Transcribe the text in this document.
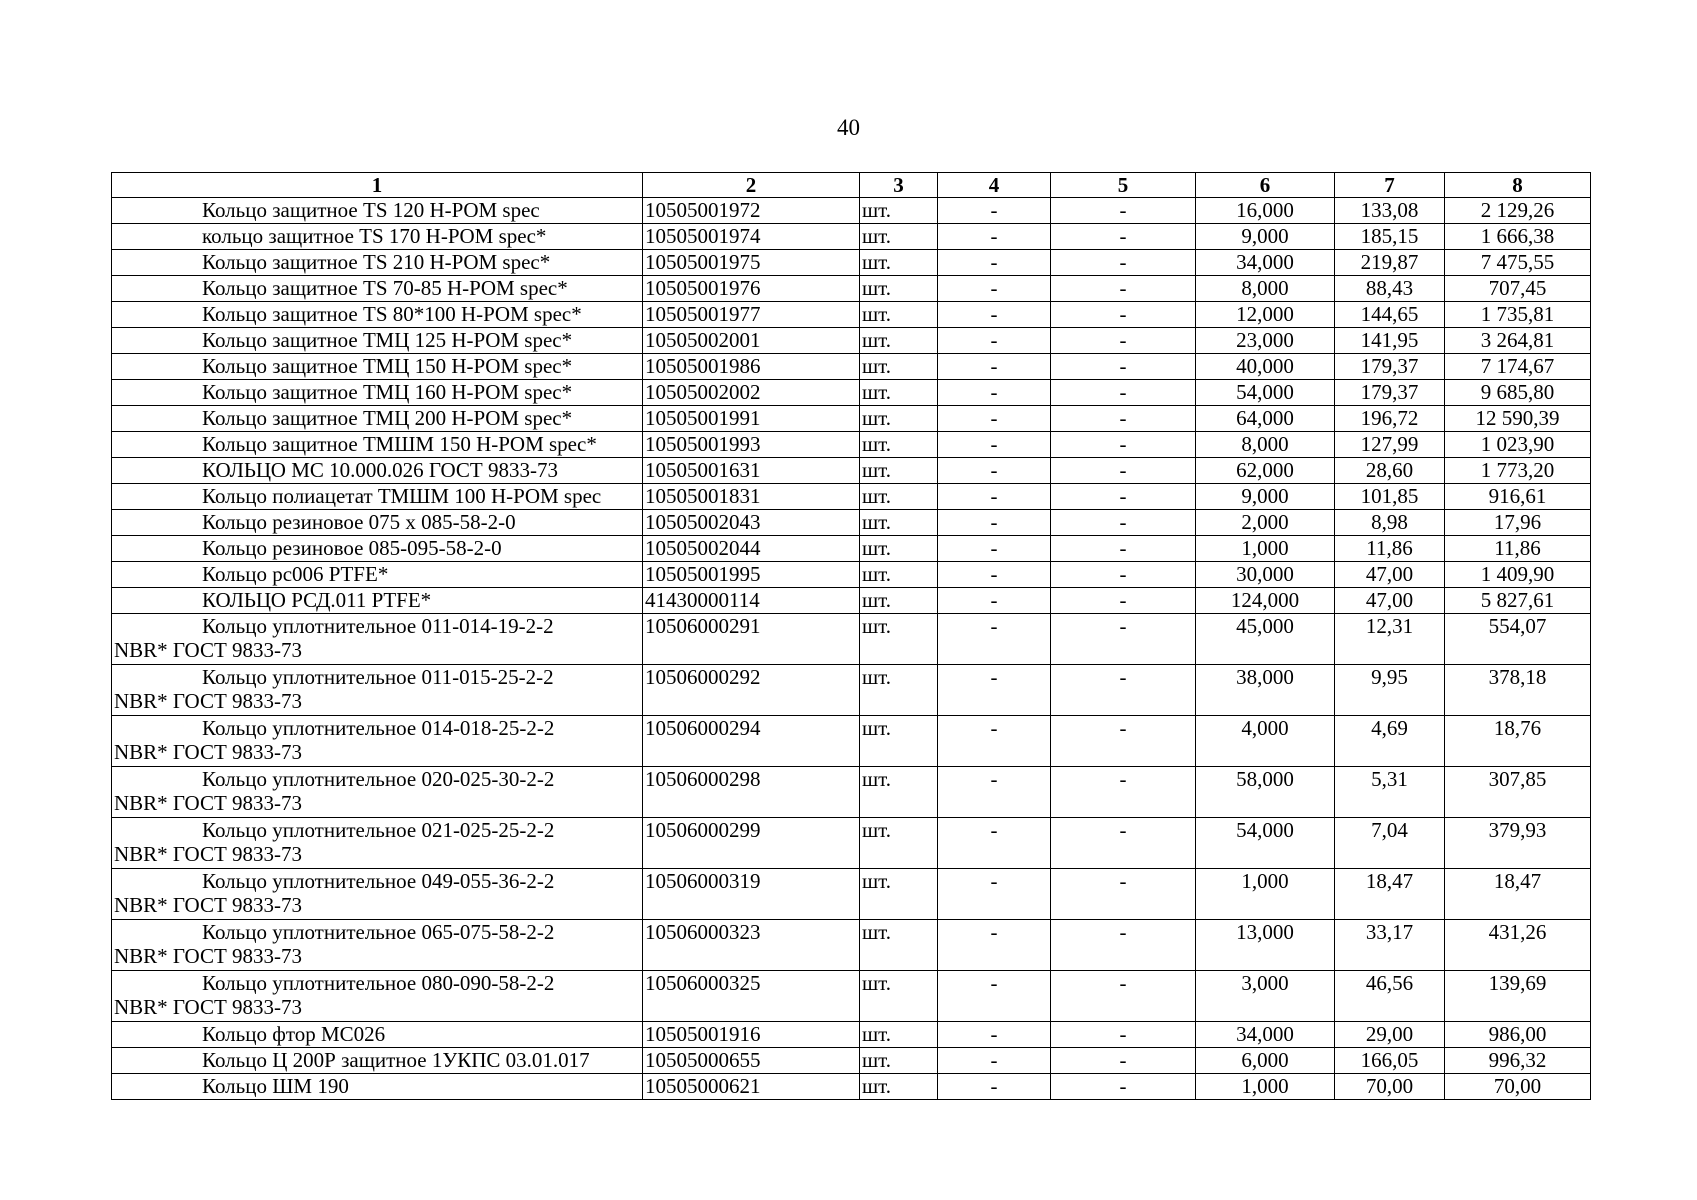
40
1	2	3	4	5	6	7	8

Кольцо защитное TS 120 H-POM spec	10505001972	шт.	-	-	16,000	133,08	2 129,26

кольцо защитное TS 170 H-POM spec*	10505001974	шт.	-	-	9,000	185,15	1 666,38

Кольцо защитное TS 210 H-POM spec*	10505001975	шт.	-	-	34,000	219,87	7 475,55

Кольцо защитное TS 70-85 H-POM spec*	10505001976	шт.	-	-	8,000	88,43	707,45

Кольцо защитное TS 80*100 H-POM spec*	10505001977	шт.	-	-	12,000	144,65	1 735,81

Кольцо защитное ТМЦ 125 H-POM spec*	10505002001	шт.	-	-	23,000	141,95	3 264,81

Кольцо защитное ТМЦ 150 H-POM spec*	10505001986	шт.	-	-	40,000	179,37	7 174,67

Кольцо защитное ТМЦ 160 H-POM spec*	10505002002	шт.	-	-	54,000	179,37	9 685,80

Кольцо защитное ТМЦ 200 H-POM spec*	10505001991	шт.	-	-	64,000	196,72	12 590,39

Кольцо защитное ТМШМ 150 H-POM spec*	10505001993	шт.	-	-	8,000	127,99	1 023,90

КОЛЬЦО МС 10.000.026 ГОСТ 9833-73	10505001631	шт.	-	-	62,000	28,60	1 773,20

Кольцо полиацетат ТМШМ 100 H-POM spec	10505001831	шт.	-	-	9,000	101,85	916,61

Кольцо резиновое 075 х 085-58-2-0	10505002043	шт.	-	-	2,000	8,98	17,96

Кольцо резиновое 085-095-58-2-0	10505002044	шт.	-	-	1,000	11,86	11,86

Кольцо рс006 PTFE*	10505001995	шт.	-	-	30,000	47,00	1 409,90

КОЛЬЦО РСД.011 PTFE*	41430000114	шт.	-	-	124,000	47,00	5 827,61

Кольцо уплотнительное 011-014-19-2-2
NBR* ГОСТ 9833-73	10506000291	шт.	-	-	45,000	12,31	554,07

Кольцо уплотнительное 011-015-25-2-2
NBR* ГОСТ 9833-73	10506000292	шт.	-	-	38,000	9,95	378,18

Кольцо уплотнительное 014-018-25-2-2
NBR* ГОСТ 9833-73	10506000294	шт.	-	-	4,000	4,69	18,76

Кольцо уплотнительное 020-025-30-2-2
NBR* ГОСТ 9833-73	10506000298	шт.	-	-	58,000	5,31	307,85

Кольцо уплотнительное 021-025-25-2-2
NBR* ГОСТ 9833-73	10506000299	шт.	-	-	54,000	7,04	379,93

Кольцо уплотнительное 049-055-36-2-2
NBR* ГОСТ 9833-73	10506000319	шт.	-	-	1,000	18,47	18,47

Кольцо уплотнительное 065-075-58-2-2
NBR* ГОСТ 9833-73	10506000323	шт.	-	-	13,000	33,17	431,26

Кольцо уплотнительное 080-090-58-2-2
NBR* ГОСТ 9833-73	10506000325	шт.	-	-	3,000	46,56	139,69

Кольцо фтор МС026	10505001916	шт.	-	-	34,000	29,00	986,00

Кольцо Ц 200Р защитное 1УКПС 03.01.017	10505000655	шт.	-	-	6,000	166,05	996,32

Кольцо ШМ 190	10505000621	шт.	-	-	1,000	70,00	70,00
